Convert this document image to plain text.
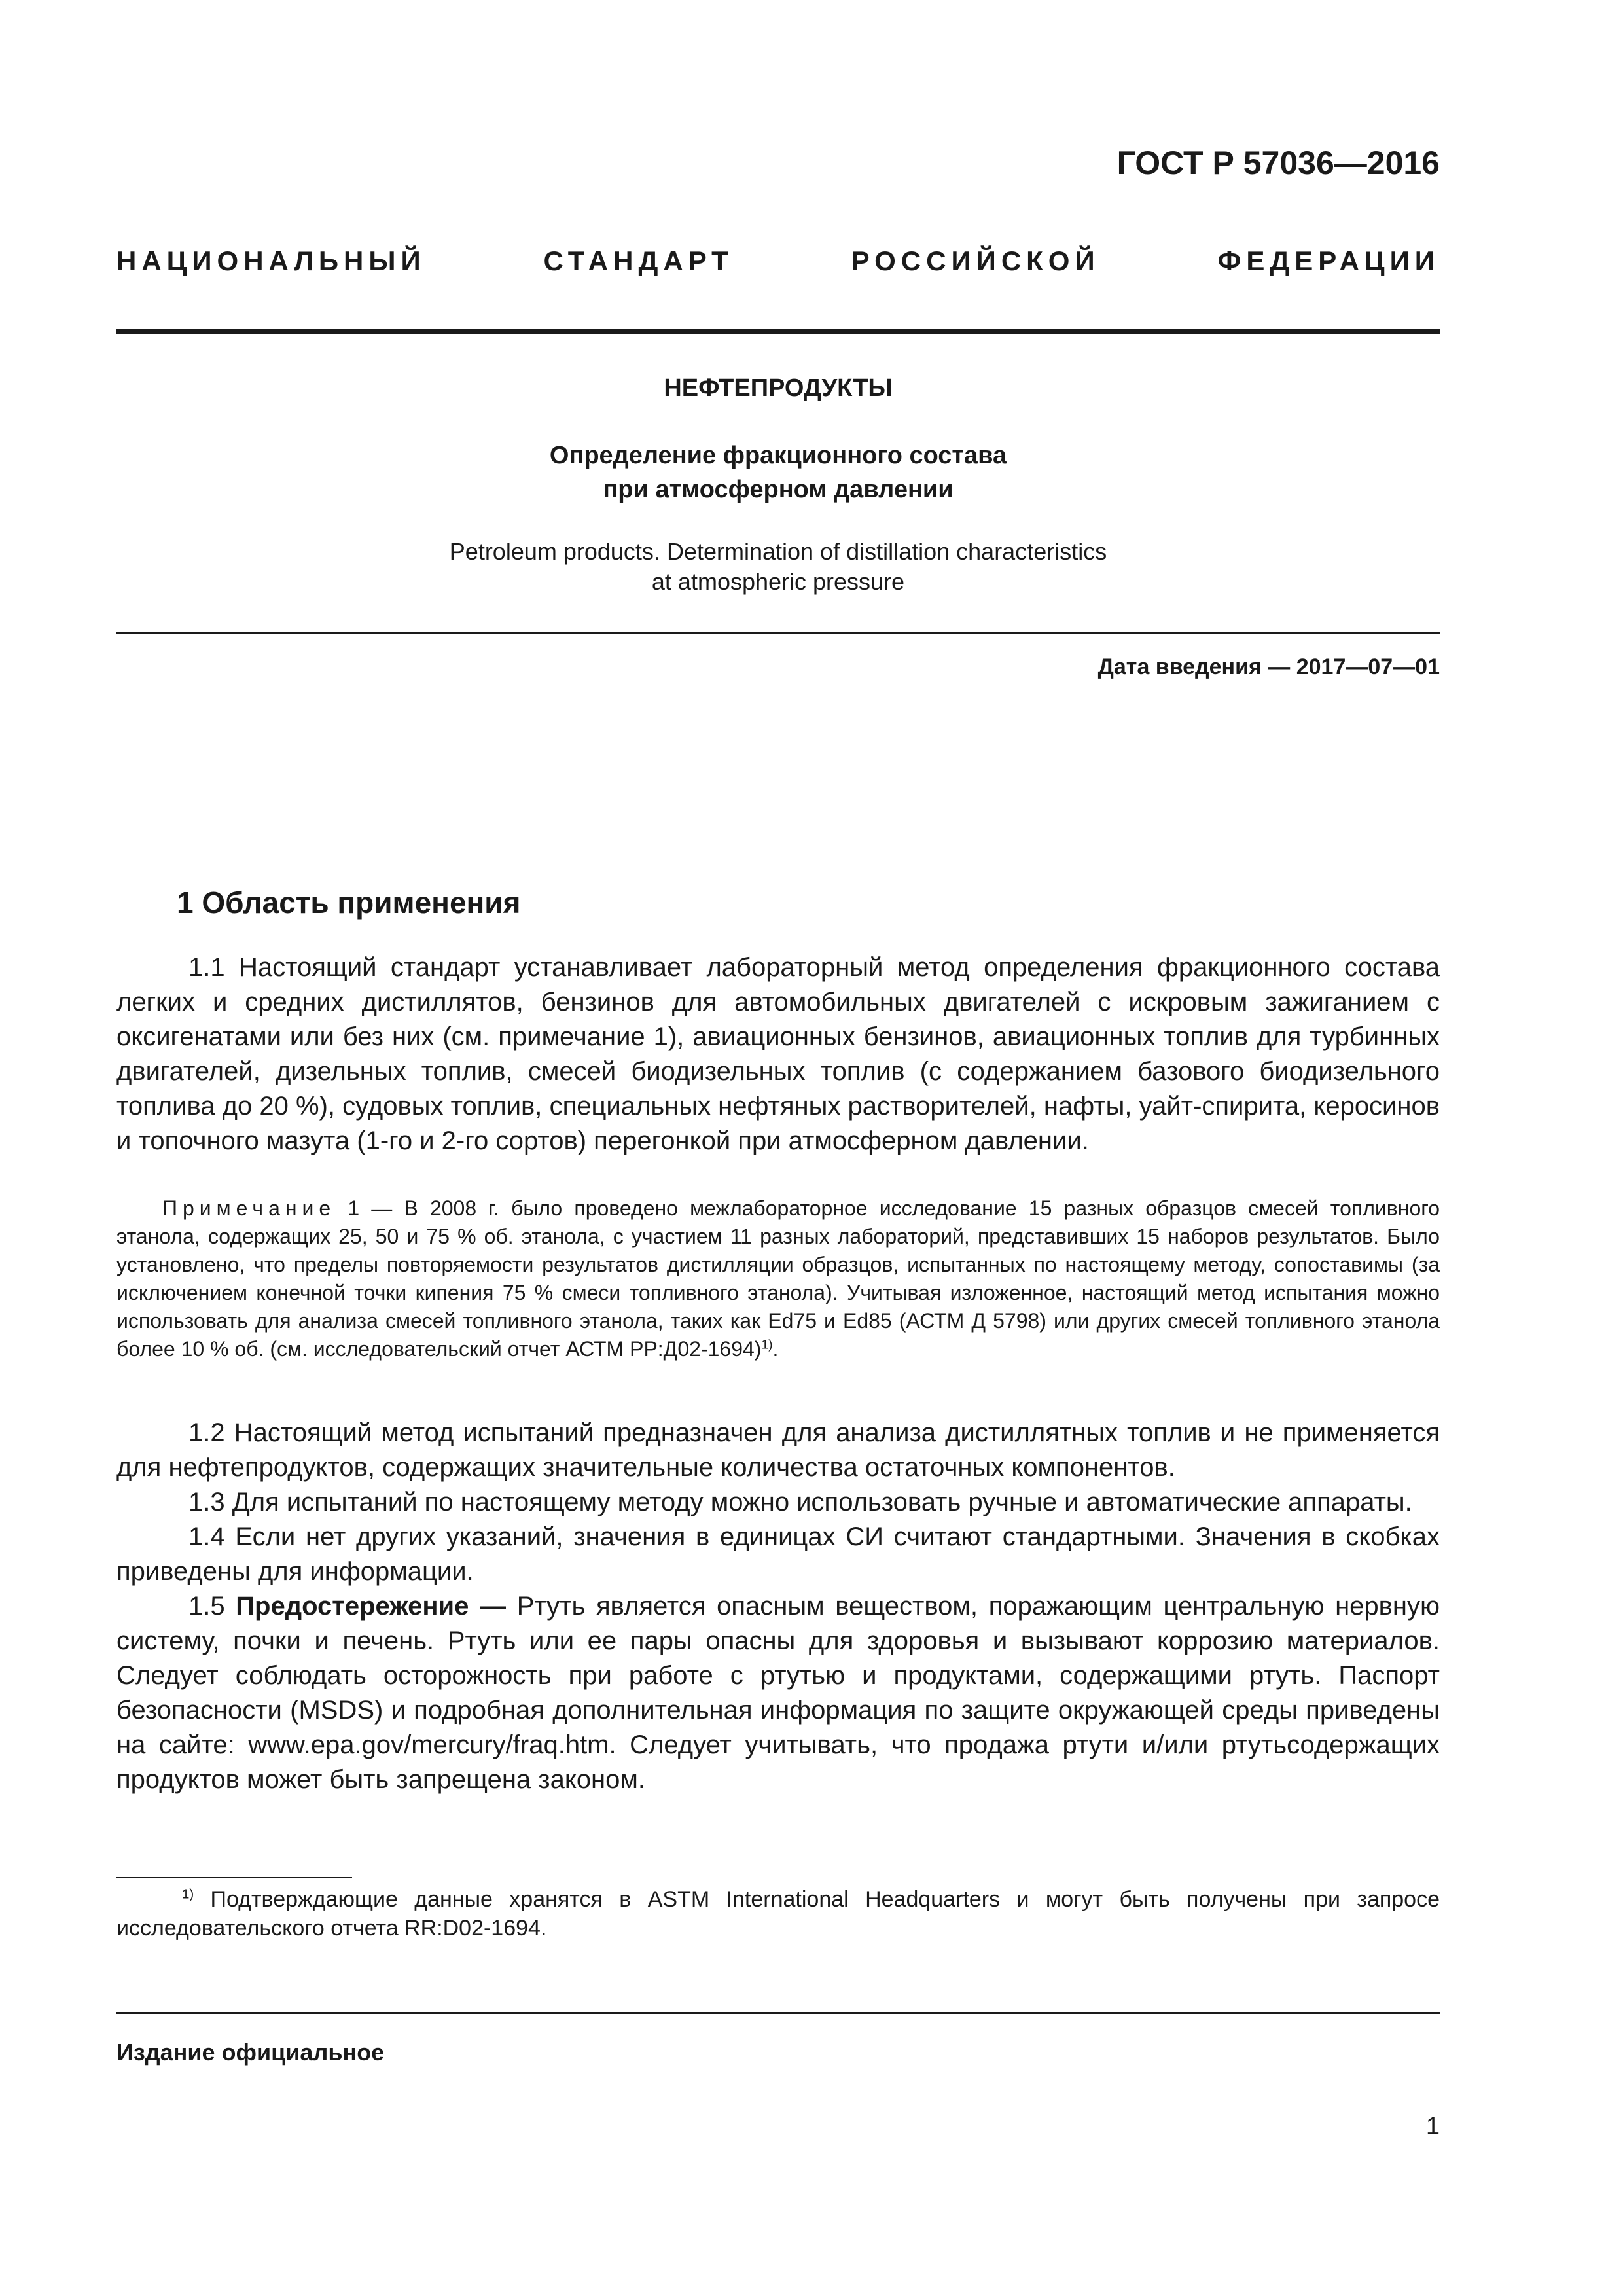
ГОСТ Р 57036—2016
НАЦИОНАЛЬНЫЙ	СТАНДАРТ	РОССИЙСКОЙ	ФЕДЕРАЦИИ
НЕФТЕПРОДУКТЫ
Определение фракционного состава
при атмосферном давлении
Petroleum products. Determination of distillation characteristics
at atmospheric pressure
Дата введения — 2017—07—01
1 Область применения

1.1 Настоящий стандарт устанавливает лабораторный метод определения фракционного состава легких и средних дистиллятов, бензинов для автомобильных двигателей с искровым зажиганием с оксигенатами или без них (см. примечание 1), авиационных бензинов, авиационных топлив для турбинных двигателей, дизельных топлив, смесей биодизельных топлив (с содержанием базового биодизельного топлива до 20 %), судовых топлив, специальных нефтяных растворителей, нафты, уайт-спирита, керосинов и топочного мазута (1-го и 2-го сортов) перегонкой при атмосферном давлении.

Примечание 1 — В 2008 г. было проведено межлабораторное исследование 15 разных образцов смесей топливного этанола, содержащих 25, 50 и 75 % об. этанола, с участием 11 разных лабораторий, представивших 15 наборов результатов. Было установлено, что пределы повторяемости результатов дистилляции образцов, испытанных по настоящему методу, сопоставимы (за исключением конечной точки кипения 75 % смеси топливного этанола). Учитывая изложенное, настоящий метод испытания можно использовать для анализа смесей топливного этанола, таких как Ed75 и Ed85 (АСТМ Д 5798) или других смесей топливного этанола более 10 % об. (см. исследовательский отчет АСТМ PP:Д02-1694)$^{1)}$.

1.2 Настоящий метод испытаний предназначен для анализа дистиллятных топлив и не применяется для нефтепродуктов, содержащих значительные количества остаточных компонентов.

1.3 Для испытаний по настоящему методу можно использовать ручные и автоматические аппараты.

1.4 Если нет других указаний, значения в единицах СИ считают стандартными. Значения в скобках приведены для информации.

1.5 Предостережение — Ртуть является опасным веществом, поражающим центральную нервную систему, почки и печень. Ртуть или ее пары опасны для здоровья и вызывают коррозию материалов. Следует соблюдать осторожность при работе с ртутью и продуктами, содержащими ртуть. Паспорт безопасности (MSDS) и подробная дополнительная информация по защите окружающей среды приведены на сайте: www.epa.gov/mercury/fraq.htm. Следует учитывать, что продажа ртути и/или ртутьсодержащих продуктов может быть запрещена законом.

$^{1)}$ Подтверждающие данные хранятся в ASTM International Headquarters и могут быть получены при запросе исследовательского отчета RR:D02-1694.

Издание официальное
1
